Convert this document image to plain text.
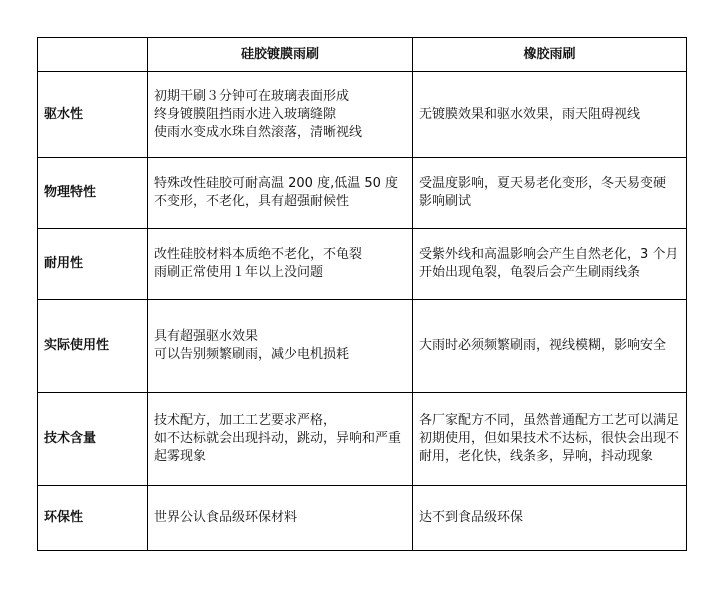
	硅胶镀膜雨刷	橡胶雨刷
驱水性	初期干刷３分钟可在玻璃表面形成
终身镀膜阻挡雨水进入玻璃缝隙
使雨水变成水珠自然滚落，清晰视线	无镀膜效果和驱水效果，雨天阻碍视线

物理特性	特殊改性硅胶可耐高温 200 度,低温 50 度
不变形，不老化，具有超强耐候性	受温度影响，夏天易老化变形，冬天易变硬
影响刷试

耐用性	改性硅胶材料本质绝不老化，不龟裂
雨刷正常使用１年以上没问题	受紫外线和高温影响会产生自然老化，3 个月开始出现龟裂，龟裂后会产生刷雨线条

实际使用性	具有超强驱水效果
可以告别频繁刷雨，减少电机损耗	大雨时必须频繁刷雨，视线模糊，影响安全

技术含量	技术配方，加工工艺要求严格，
如不达标就会出现抖动，跳动，异响和严重起雾现象	各厂家配方不同，虽然普通配方工艺可以满足初期使用，但如果技术不达标，很快会出现不耐用，老化快，线条多，异响，抖动现象

环保性	世界公认食品级环保材料	达不到食品级环保
